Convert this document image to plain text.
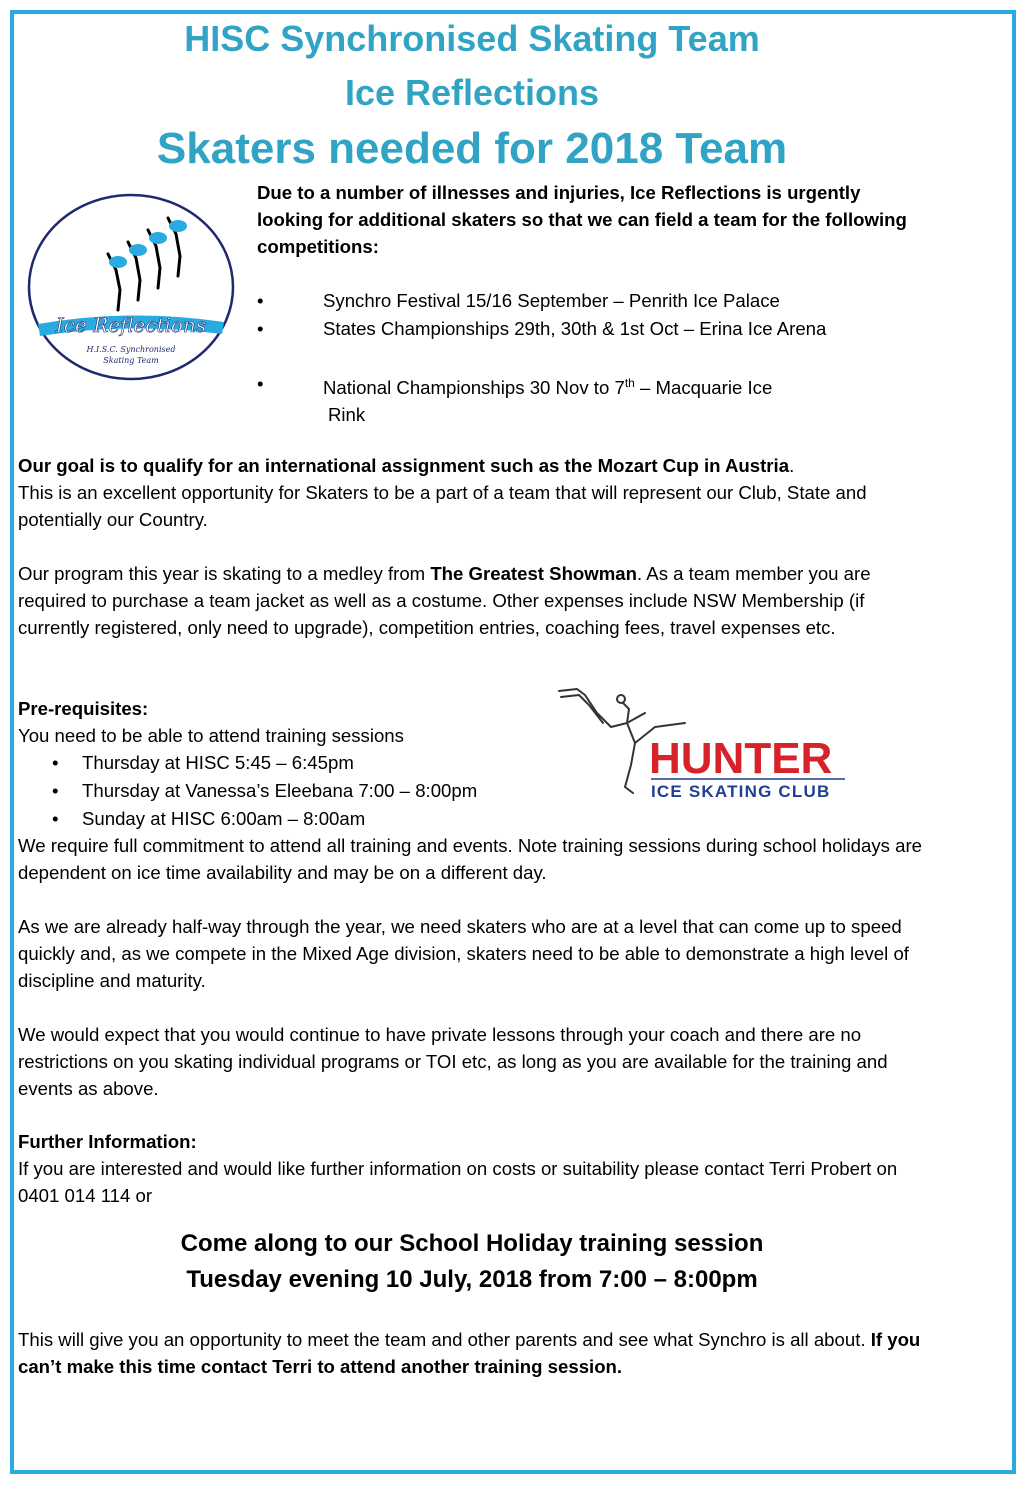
HISC Synchronised Skating Team
Ice Reflections
Skaters needed for 2018 Team
Ice Reflections
H.I.S.C. Synchronised
Skating Team
Due to a number of illnesses and injuries, Ice Reflections is urgently looking for additional skaters so that we can field a team for the following competitions:
•	Synchro Festival 15/16 September – Penrith Ice Palace
•	States Championships 29th, 30th & 1st Oct – Erina Ice Arena
•	National Championships 30 Nov to 7th – Macquarie Ice
Rink
Our goal is to qualify for an international assignment such as the Mozart Cup in Austria.
This is an excellent opportunity for Skaters to be a part of a team that will represent our Club, State and potentially our Country.
Our program this year is skating to a medley from The Greatest Showman. As a team member you are required to purchase a team jacket as well as a costume. Other expenses include NSW Membership (if currently registered, only need to upgrade), competition entries, coaching fees, travel expenses etc.
Pre-requisites:
You need to be able to attend training sessions
• Thursday at HISC 5:45 – 6:45pm
• Thursday at Vanessa’s Eleebana 7:00 – 8:00pm
• Sunday at HISC 6:00am – 8:00am
HUNTER
ICE SKATING CLUB
We require full commitment to attend all training and events. Note training sessions during school holidays are dependent on ice time availability and may be on a different day.
As we are already half-way through the year, we need skaters who are at a level that can come up to speed quickly and, as we compete in the Mixed Age division, skaters need to be able to demonstrate a high level of discipline and maturity.
We would expect that you would continue to have private lessons through your coach and there are no restrictions on you skating individual programs or TOI etc, as long as you are available for the training and events as above.
Further Information:
If you are interested and would like further information on costs or suitability please contact Terri Probert on 0401 014 114 or
Come along to our School Holiday training session
Tuesday evening 10 July, 2018 from 7:00 – 8:00pm
This will give you an opportunity to meet the team and other parents and see what Synchro is all about. If you can’t make this time contact Terri to attend another training session.
